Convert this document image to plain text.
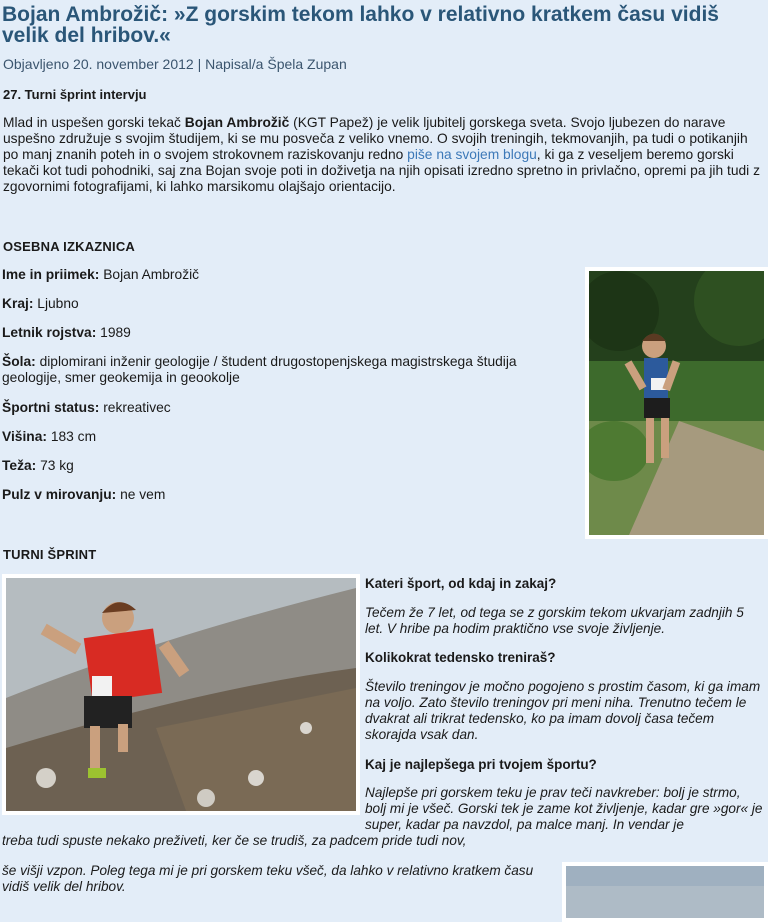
Bojan Ambrožič: »Z gorskim tekom lahko v relativno kratkem času vidiš velik del hribov.«
Objavljeno 20. november 2012 | Napisal/a Špela Zupan
27. Turni šprint intervju

Mlad in uspešen gorski tekač Bojan Ambrožič (KGT Papež) je velik ljubitelj gorskega sveta. Svojo ljubezen do narave uspešno združuje s svojim študijem, ki se mu posveča z veliko vnemo. O svojih treningih, tekmovanjih, pa tudi o potikanjih po manj znanih poteh in o svojem strokovnem raziskovanju redno piše na svojem blogu, ki ga z veseljem beremo gorski tekači kot tudi pohodniki, saj zna Bojan svoje poti in doživetja na njih opisati izredno spretno in privlačno, opremi pa jih tudi z zgovornimi fotografijami, ki lahko marsikomu olajšajo orientacijo.

OSEBNA IZKAZNICA

Ime in priimek: Bojan Ambrožič

Kraj: Ljubno

Letnik rojstva: 1989

Šola: diplomirani inženir geologije / študent drugostopenjskega magistrskega študija geologije, smer geokemija in geookolje

Športni status: rekreativec

Višina: 183 cm

Teža: 73 kg

Pulz v mirovanju: ne vem

TURNI ŠPRINT
Kateri šport, od kdaj in zakaj?

Tečem že 7 let, od tega se z gorskim tekom ukvarjam zadnjih 5 let. V hribe pa hodim praktično vse svoje življenje.

Kolikokrat tedensko treniraš?

Število treningov je močno pogojeno s prostim časom, ki ga imam na voljo. Zato število treningov pri meni niha. Trenutno tečem le dvakrat ali trikrat tedensko, ko pa imam dovolj časa tečem skorajda vsak dan.

Kaj je najlepšega pri tvojem športu?

Najlepše pri gorskem teku je prav teči navkreber: bolj je strmo, bolj mi je všeč. Gorski tek je zame kot življenje, kadar gre »gor« je super, kadar pa navzdol, pa malce manj. In vendar je

treba tudi spuste nekako preživeti, ker če se trudiš, za padcem pride tudi nov,

še višji vzpon. Poleg tega mi je pri gorskem teku všeč, da lahko v relativno kratkem času vidiš velik del hribov.
